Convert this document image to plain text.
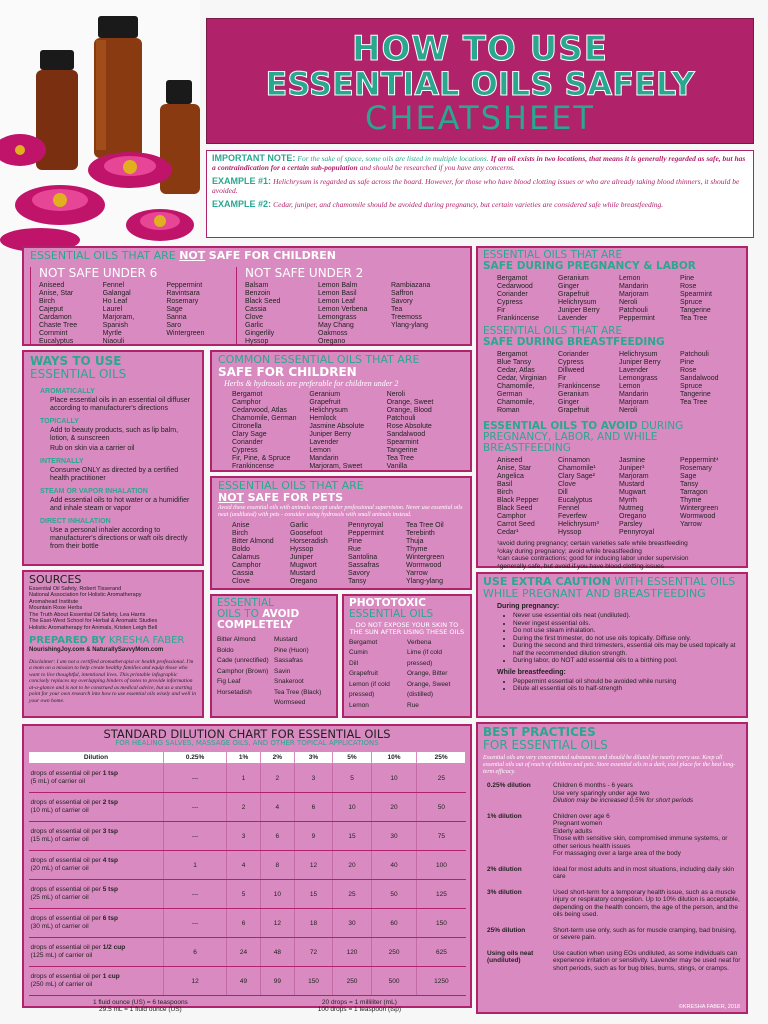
HOW TO USE
ESSENTIAL OILS SAFELY
CHEATSHEET
IMPORTANT NOTE: For the sake of space, some oils are listed in multiple locations. If an oil exists in two locations, that means it is generally regarded as safe, but has a contraindication for a certain sub-population and should be researched if you have any concerns.
EXAMPLE #1: Helichrysum is regarded as safe across the board. However, for those who have blood clotting issues or who are already taking blood thinners, it should be avoided.
EXAMPLE #2: Cedar, juniper, and chamomile should be avoided during pregnancy, but certain varieties are considered safe while breastfeeding.
ESSENTIAL OILS THAT ARE NOT SAFE FOR CHILDREN
NOT SAFE UNDER 6
Aniseed
Anise, Star
Birch
Cajeput
Cardamon
Chaste Tree
Cornmint
Eucalyptus
Fennel
Galangal
Ho Leaf
Laurel
Marjoram,
Spanish
Myrtle
Niaouli
Peppermint
Ravintsara
Rosemary
Sage
Sanna
Saro
Wintergreen
NOT SAFE UNDER 2
Balsam
Benzoin
Black Seed
Cassia
Clove
Garlic
Gingerlily
Hyssop
Lemon Balm
Lemon Basil
Lemon Leaf
Lemon Verbena
Lemongrass
May Chang
Oakmoss
Oregano
Rambiazana
Saffron
Savory
Tea
Treemoss
Ylang-ylang
ESSENTIAL OILS THAT ARE
SAFE DURING PREGNANCY & LABOR
Bergamot
Cedarwood
Coriander
Cypress
Fir
Frankincense
Geranium
Ginger
Grapefruit
Helichrysum
Juniper Berry
Lavender
Lemon
Mandarin
Marjoram
Neroli
Patchouli
Peppermint
Pine
Rose
Spearmint
Spruce
Tangerine
Tea Tree
ESSENTIAL OILS THAT ARE
SAFE DURING BREASTFEEDING
Bergamot
Blue Tansy
Cedar, Atlas
Cedar, Virginian
Chamomile,
German
Chamomile,
Roman
Coriander
Cypress
Dillweed
Fir
Frankincense
Geranium
Ginger
Grapefruit
Helichrysum
Juniper Berry
Lavender
Lemongrass
Lemon
Mandarin
Marjoram
Neroli
Patchouli
Pine
Rose
Sandalwood
Spruce
Tangerine
Tea Tree
ESSENTIAL OILS TO AVOID DURING PREGNANCY, LABOR, AND WHILE BREASTFEEDING
Aniseed
Anise, Star
Angelica
Basil
Birch
Black Pepper
Black Seed
Camphor
Carrot Seed
Cedar¹
Cinnamon
Chamomile¹
Clary Sage²
Clove
Dill
Eucalyptus
Fennel
Feverfew
Helichrysum³
Hyssop
Jasmine
Juniper¹
Marjoram
Mustard
Mugwart
Myrrh
Nutmeg
Oregano
Parsley
Pennyroyal
Peppermint⁴
Rosemary
Sage
Tansy
Tarragon
Thyme
Wintergreen
Wormwood
Yarrow
¹avoid during pregnancy; certain varieties safe while breastfeeding
²okay during pregnancy; avoid while breastfeeding
³can cause contractions; good for inducing labor under supervision
⁴generally safe, but avoid if you have blood clotting issues
WAYS TO USE
ESSENTIAL OILS
AROMATICALLY
Place essential oils in an essential oil diffuser according to manufacturer's directions
TOPICALLY
Add to beauty products, such as lip balm, lotion, & sunscreen
Rub on skin via a carrier oil
INTERNALLY
Consume ONLY as directed by a certified health practitioner
STEAM OR VAPOR INHALATION
Add essential oils to hot water or a humidifier and inhale steam or vapor
DIRECT INHALATION
Use a personal inhaler according to manufacturer's directions or waft oils directly from their bottle
COMMON ESSENTIAL OILS THAT ARE
SAFE FOR CHILDREN
Herbs & hydrosols are preferable for children under 2
Bergamot
Camphor
Cedarwood, Atlas
Chamomile, German
Citronella
Clary Sage
Coriander
Cypress
Fir, Pine, & Spruce
Frankincense
Geranium
Grapefruit
Helichrysum
Hemlock
Jasmine Absolute
Juniper Berry
Lavender
Lemon
Mandarin
Marjoram, Sweet
Neroli
Orange, Sweet
Orange, Blood
Patchouli
Rose Absolute
Sandalwood
Spearmint
Tangerine
Tea Tree
Vanilla
ESSENTIAL OILS THAT ARE
NOT SAFE FOR PETS
Avoid these essential oils with animals except under professional supervision. Never use essential oils neat (undiluted) with pets - consider using hydrosols with small animals instead.
Anise
Birch
Bitter Almond
Boldo
Calamus
Camphor
Cassia
Clove
Garlic
Goosefoot
Horseradish
Hyssop
Juniper
Mugwort
Mustard
Oregano
Pennyroyal
Peppermint
Pine
Rue
Santolina
Sassafras
Savory
Tansy
Tea Tree Oil
Terebinth
Thuja
Thyme
Wintergreen
Wormwood
Yarrow
Ylang-ylang
SOURCES
Essential Oil Safety, Robert Tisserand
National Association for Holistic Aromatherapy
Aromahead Institute
Mountain Rose Herbs
The Truth About Essential Oil Safety, Lea Harris
The East-West School for Herbal & Aromatic Studies
Holistic Aromatherapy for Animals, Kristen Leigh Bell
PREPARED BY KRESHA FABER
NourishingJoy.com & NaturallySavvyMom.com
Disclaimer: I am not a certified aromatherapist or health professional. I'm a mom on a mission to help create healthy families and equip those who want to live thoughtful, intentional lives. This printable infographic concisely replaces my overlapping binders of notes to provide information at-a-glance and is not to be construed as medical advice, but as a starting point for your own research into how to use essential oils wisely and well in your own home.
ESSENTIAL
OILS TO AVOID
COMPLETELY
Bitter Almond
Boldo
Cade (unrectified)
Camphor (Brown)
Fig Leaf
Horsetadish
Mustard
Pine (Huon)
Sassafras
Savin
Snakeroot
Tea Tree (Black)
Wormseed
PHOTOTOXIC
ESSENTIAL OILS
DO NOT EXPOSE YOUR SKIN TO THE SUN AFTER USING THESE OILS
Bergamot
Cumin
Dill
Grapefruit
Lemon (if cold pressed)
Lemon
Verbena
Lime (if cold pressed)
Orange, Bitter
Orange, Sweet (distilled)
Rue
USE EXTRA CAUTION WITH ESSENTIAL OILS WHILE PREGNANT AND BREASTFEEDING
During pregnancy:
• Never use essential oils neat (undiluted).
• Never ingest essential oils.
• Do not use steam inhalation.
• During the first trimester, do not use oils topically. Diffuse only.
• During the second and third trimesters, essential oils may be used topically at half the recommended dilution strength.
• During labor, do NOT add essential oils to a birthing pool.
While breastfeeding:
• Peppermint essential oil should be avoided while nursing
• Dilute all essential oils to half-strength
STANDARD DILUTION CHART FOR ESSENTIAL OILS
FOR HEALING SALVES, MASSAGE OILS, AND OTHER TOPICAL APPLICATIONS
Dilution	0.25%	1%	2%	3%	5%	10%	25%
drops of essential oil per 1 tsp
(5 mL) of carrier oil	---	1	2	3	5	10	25
drops of essential oil per 2 tsp
(10 mL) of carrier oil	---	2	4	6	10	20	50
drops of essential oil per 3 tsp
(15 mL) of carrier oil	---	3	6	9	15	30	75
drops of essential oil per 4 tsp
(20 mL) of carrier oil	1	4	8	12	20	40	100
drops of essential oil per 5 tsp
(25 mL) of carrier oil	---	5	10	15	25	50	125
drops of essential oil per 6 tsp
(30 mL) of carrier oil	---	6	12	18	30	60	150
drops of essential oil per 1/2 cup
(125 mL) of carrier oil	6	24	48	72	120	250	625
drops of essential oil per 1 cup
(250 mL) of carrier oil	12	49	99	150	250	500	1250
1 fluid ounce (US) = 6 teaspoons
29.5 mL = 1 fluid ounce (US)
20 drops = 1 milliliter (mL)
100 drops = 1 teaspoon (tsp)
BEST PRACTICES
FOR ESSENTIAL OILS
Essential oils are very concentrated substances and should be diluted for nearly every use. Keep all essential oils out of reach of children and pets. Store essential oils in a dark, cool place for the best long-term efficacy.
0.25% dilution	Children 6 months - 6 years
Use very sparingly under age two
Dilution may be increased 0.5% for short periods
1% dilution	Children over age 6
Pregnant women
Elderly adults
Those with sensitive skin, compromised immune systems, or other serious health issues
For massaging over a large area of the body
2% dilution	Ideal for most adults and in most situations, including daily skin care
3% dilution	Used short-term for a temporary health issue, such as a muscle injury or respiratory congestion. Up to 10% dilution is acceptable, depending on the health concern, the age of the person, and the oils being used.
25% dilution	Short-term use only, such as for muscle cramping, bad bruising, or severe pain.
Using oils neat (undiluted)
Use caution when using EOs undiluted, as some individuals can experience irritation or sensitivity. Lavender may be used neat for short periods, such as for bug bites, burns, stings, or cramps.
©KRESHA FABER, 2018
